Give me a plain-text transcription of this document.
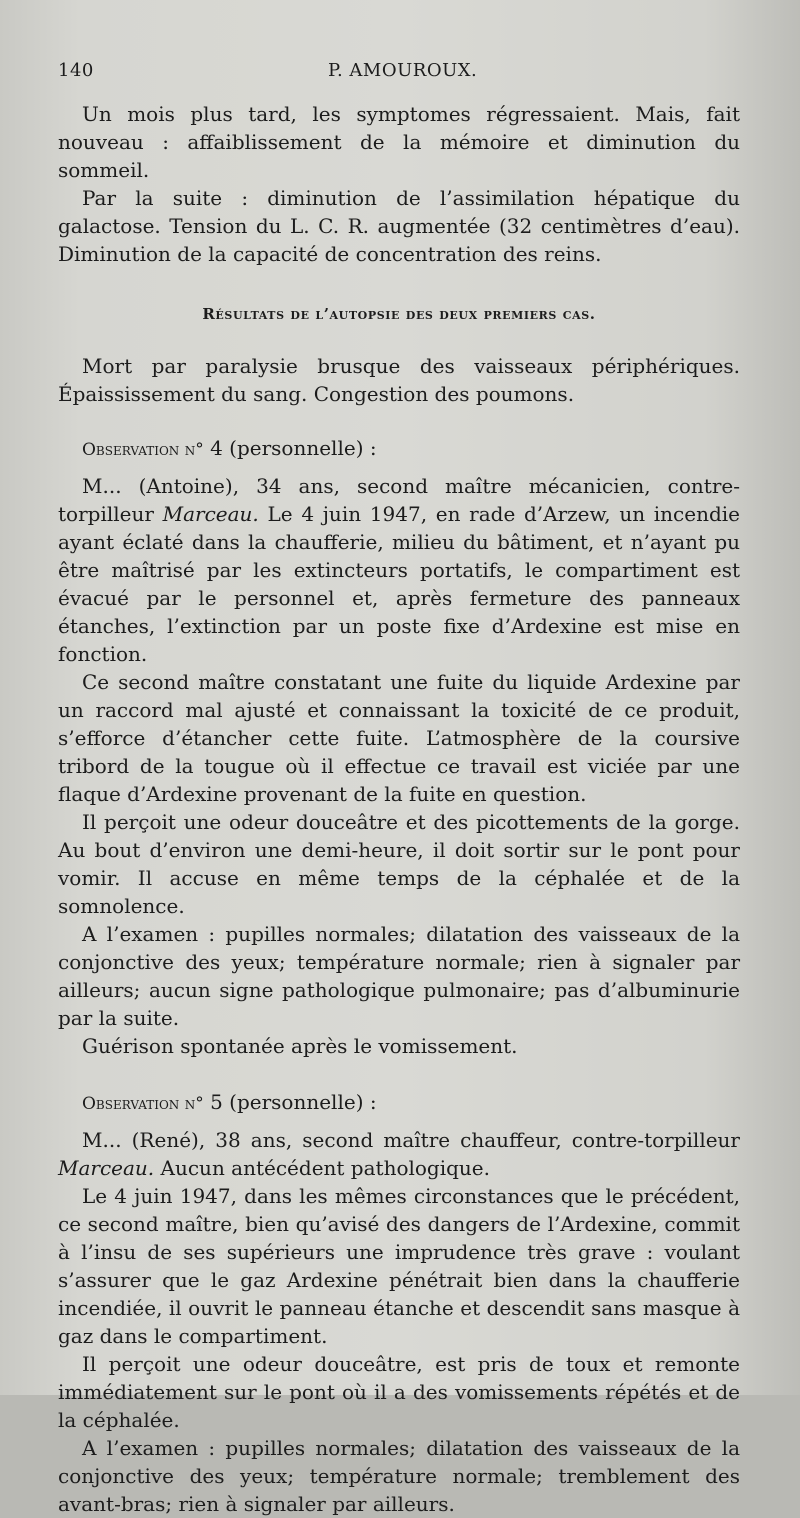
140	P. AMOUROUX.

Un mois plus tard, les symptomes régressaient. Mais, fait nouveau : affaiblissement de la mémoire et diminution du sommeil.

Par la suite : diminution de l’assimilation hépatique du galactose. Tension du L. C. R. augmentée (32 centimètres d’eau). Diminution de la capacité de concentration des reins.

Résultats de l’autopsie des deux premiers cas.

Mort par paralysie brusque des vaisseaux périphériques. Épaississement du sang. Congestion des poumons.

Observation n° 4 (personnelle) :

M... (Antoine), 34 ans, second maître mécanicien, contre-torpilleur Marceau. Le 4 juin 1947, en rade d’Arzew, un incendie ayant éclaté dans la chaufferie, milieu du bâtiment, et n’ayant pu être maîtrisé par les extincteurs portatifs, le compartiment est évacué par le personnel et, après fermeture des panneaux étanches, l’extinction par un poste fixe d’Ardexine est mise en fonction.

Ce second maître constatant une fuite du liquide Ardexine par un raccord mal ajusté et connaissant la toxicité de ce produit, s’efforce d’étancher cette fuite. L’atmosphère de la coursive tribord de la tougue où il effectue ce travail est viciée par une flaque d’Ardexine provenant de la fuite en question.

Il perçoit une odeur douceâtre et des picottements de la gorge. Au bout d’environ une demi-heure, il doit sortir sur le pont pour vomir. Il accuse en même temps de la céphalée et de la somnolence.

A l’examen : pupilles normales; dilatation des vaisseaux de la conjonctive des yeux; température normale; rien à signaler par ailleurs; aucun signe pathologique pulmonaire; pas d’albuminurie par la suite.

Guérison spontanée après le vomissement.

Observation n° 5 (personnelle) :

M... (René), 38 ans, second maître chauffeur, contre-torpilleur Marceau. Aucun antécédent pathologique.

Le 4 juin 1947, dans les mêmes circonstances que le précédent, ce second maître, bien qu’avisé des dangers de l’Ardexine, commit à l’insu de ses supérieurs une imprudence très grave : voulant s’assurer que le gaz Ardexine pénétrait bien dans la chaufferie incendiée, il ouvrit le panneau étanche et descendit sans masque à gaz dans le compartiment.

Il perçoit une odeur douceâtre, est pris de toux et remonte immédiatement sur le pont où il a des vomissements répétés et de la céphalée.

A l’examen : pupilles normales; dilatation des vaisseaux de la conjonctive des yeux; température normale; tremblement des avant-bras; rien à signaler par ailleurs.
